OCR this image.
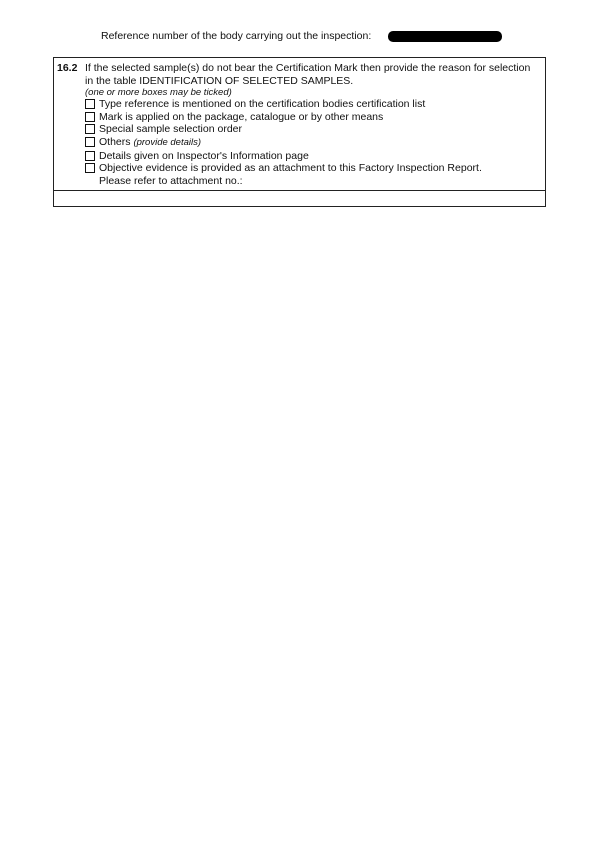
Reference number of the body carrying out the inspection:
16.2 If the selected sample(s) do not bear the Certification Mark then provide the reason for selection in the table IDENTIFICATION OF SELECTED SAMPLES.
(one or more boxes may be ticked)
Type reference is mentioned on the certification bodies certification list
Mark is applied on the package, catalogue or by other means
Special sample selection order
Others (provide details)
Details given on Inspector's Information page
Objective evidence is provided as an attachment to this Factory Inspection Report.
Please refer to attachment no.:
